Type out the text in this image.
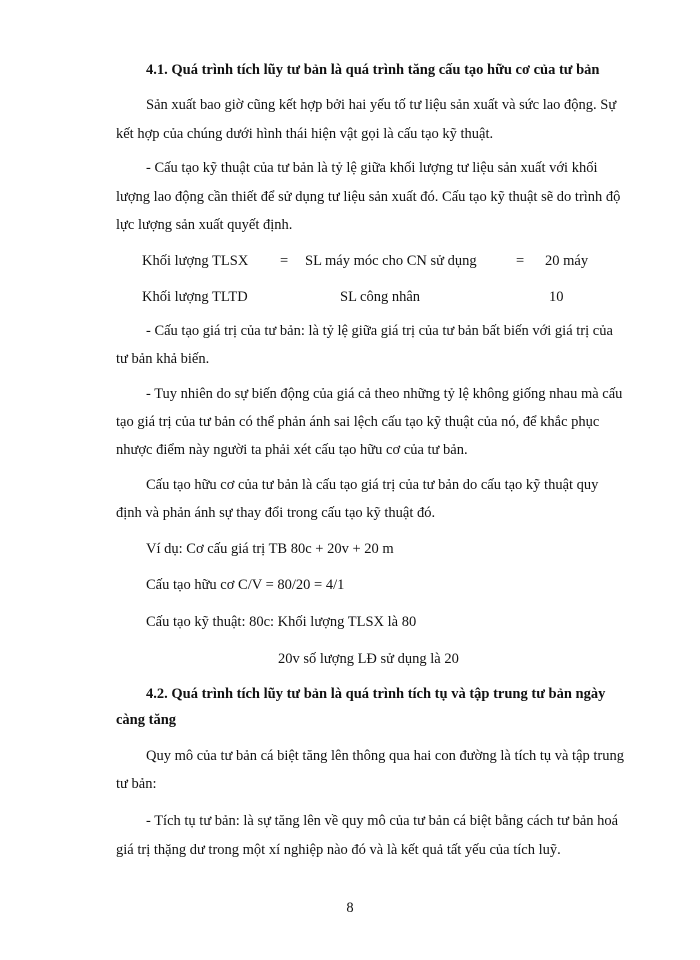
4.1. Quá trình tích lũy tư bản là quá trình tăng cấu tạo hữu cơ của tư bản
Sản xuất bao giờ cũng kết hợp bởi hai yếu tố tư liệu sản xuất và sức lao động. Sự
kết hợp của chúng dưới hình thái hiện vật gọi là cấu tạo kỹ thuật.
- Cấu tạo kỹ thuật của tư bản là tỷ lệ giữa khối lượng tư liệu sản xuất với khối
lượng lao động cần thiết để sử dụng tư liệu sản xuất đó. Cấu tạo kỹ thuật sẽ do trình độ
lực lượng sản xuất quyết định.
Khối lượng TLSX = SL máy móc cho CN sử dụng	= 20 máy
Khối lượng TLTD	SL công nhân	10
- Cấu tạo giá trị của tư bản: là tỷ lệ giữa giá trị của tư bản bất biến với giá trị của
tư bản khả biến.
- Tuy nhiên do sự biến động của giá cả theo những tỷ lệ không giống nhau mà cấu
tạo giá trị của tư bản có thể phản ánh sai lệch cấu tạo kỹ thuật của nó, để khắc phục
nhược điểm này người ta phải xét cấu tạo hữu cơ của tư bản.
Cấu tạo hữu cơ của tư bản là cấu tạo giá trị của tư bản do cấu tạo kỹ thuật quy
định và phản ánh sự thay đổi trong cấu tạo kỹ thuật đó.
Ví dụ: Cơ cấu giá trị TB 80c + 20v + 20 m
Cấu tạo hữu cơ C/V = 80/20 = 4/1
Cấu tạo kỹ thuật: 80c: Khối lượng TLSX là 80
20v số lượng LĐ sử dụng là 20
4.2. Quá trình tích lũy tư bản là quá trình tích tụ và tập trung tư bản ngày
càng tăng
Quy mô của tư bản cá biệt tăng lên thông qua hai con đường là tích tụ và tập trung
tư bản:
- Tích tụ tư bản: là sự tăng lên về quy mô của tư bản cá biệt bằng cách tư bản hoá
giá trị thặng dư trong một xí nghiệp nào đó và là kết quả tất yếu của tích luỹ.
8
